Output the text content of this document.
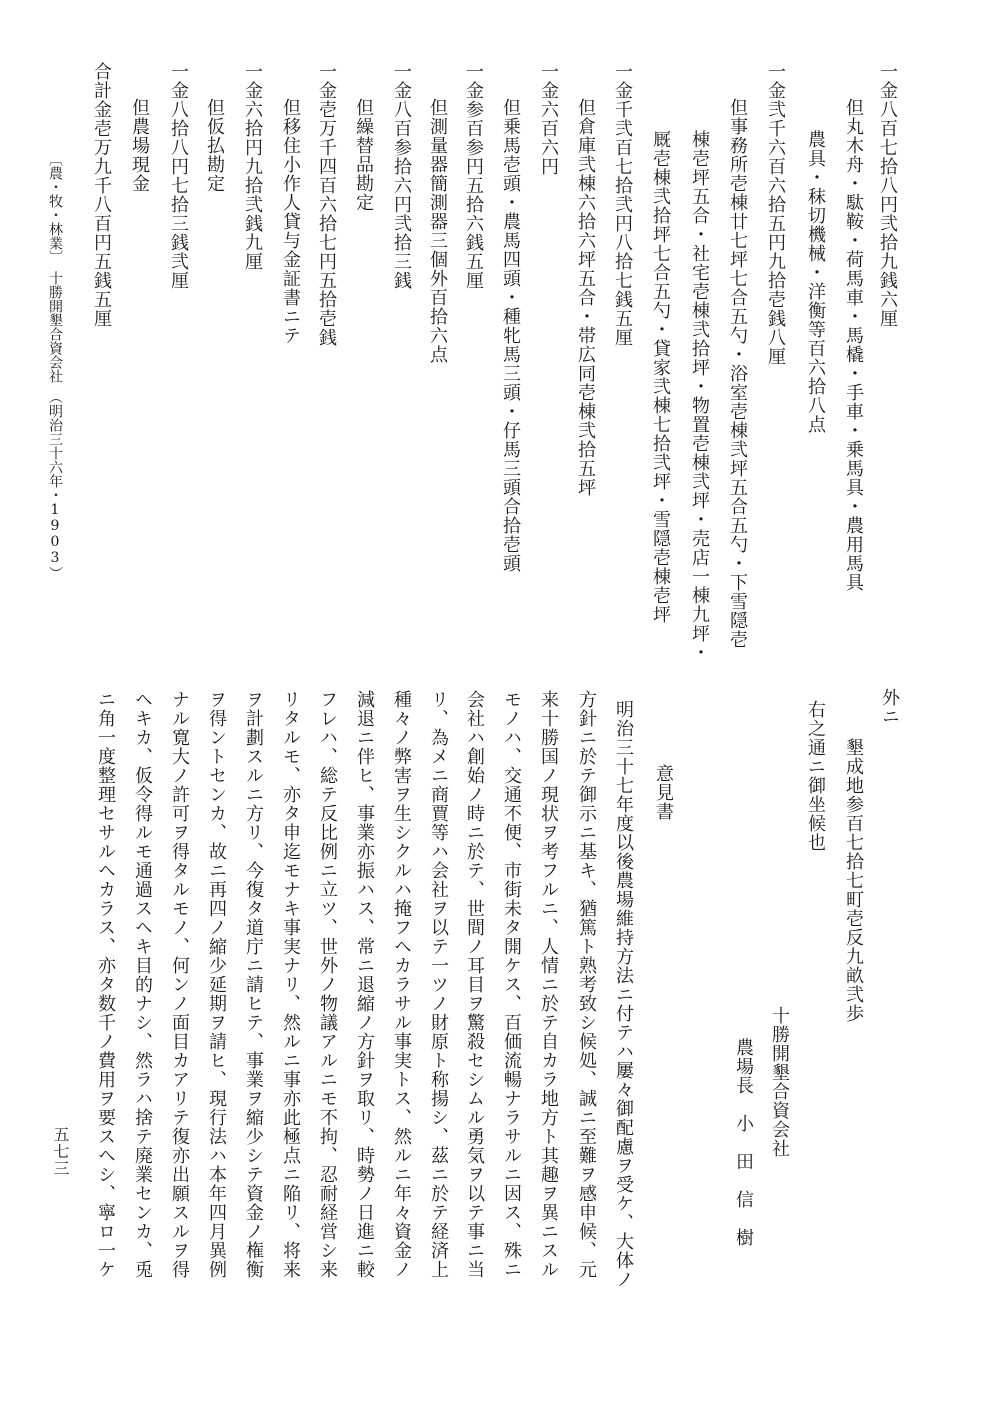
一金八百七拾八円弐拾九銭六厘
但丸木舟・駄鞍・荷馬車・馬橇・手車・乗馬具・農用馬具
農具・秣切機械・洋衡等百六拾八点
一金弐千六百六拾五円九拾壱銭八厘
但事務所壱棟廿七坪七合五勺・浴室壱棟弐坪五合五勺・下雪隠壱
棟壱坪五合・社宅壱棟弐拾坪・物置壱棟弐坪・売店一棟九坪・
厩壱棟弐拾坪七合五勺・貸家弐棟七拾弐坪・雪隠壱棟壱坪
一金千弐百七拾弐円八拾七銭五厘
但倉庫弐棟六拾六坪五合・帯広同壱棟弐拾五坪
一金六百六円
但乗馬壱頭・農馬四頭・種牝馬三頭・仔馬三頭合拾壱頭
一金参百参円五拾六銭五厘
但測量器簡測器三個外百拾六点
一金八百参拾六円弐拾三銭
但繰替品勘定
一金壱万千四百六拾七円五拾壱銭
但移住小作人貸与金証書ニテ
一金六拾円九拾弐銭九厘
但仮払勘定
一金八拾八円七拾三銭弐厘
但農場現金
合計金壱万九千八百円五銭五厘
〔農・牧・林業〕　十勝開墾合資会社　（明治三十六年・1903）
外ニ
墾成地参百七拾七町壱反九畝弐歩
右之通ニ御坐候也
十勝開墾合資会社
農場長　小　田　信　樹
意見書
明治三十七年度以後農場維持方法ニ付テハ屢々御配慮ヲ受ケ、大体ノ
方針ニ於テ御示ニ基キ、猶篤ト熟考致シ候処、誠ニ至難ヲ感申候、元
来十勝国ノ現状ヲ考フルニ、人情ニ於テ自カラ地方ト其趣ヲ異ニスル
モノハ、交通不便、市街未タ開ケス、百価流暢ナラサルニ因ス、殊ニ
会社ハ創始ノ時ニ於テ、世間ノ耳目ヲ驚殺セシムル勇気ヲ以テ事ニ当
リ、為メニ商賈等ハ会社ヲ以テ一ツノ財原ト称揚シ、茲ニ於テ経済上
種々ノ弊害ヲ生シクルハ掩フヘカラサル事実トス、然ルニ年々資金ノ
減退ニ伴ヒ、事業亦振ハス、常ニ退縮ノ方針ヲ取リ、時勢ノ日進ニ較
フレハ、総テ反比例ニ立ツ、世外ノ物議アルニモ不拘、忍耐経営シ来
リタルモ、亦タ申迄モナキ事実ナリ、然ルニ事亦此極点ニ陥リ、将来
ヲ計劃スルニ方リ、今復タ道庁ニ請ヒテ、事業ヲ縮少シテ資金ノ権衡
ヲ得ントセンカ、故ニ再四ノ縮少延期ヲ請ヒ、現行法ハ本年四月異例
ナル寛大ノ許可ヲ得タルモノ、何ンノ面目カアリテ復亦出願スルヲ得
ヘキカ、仮令得ルモ通過スヘキ目的ナシ、然ラハ捨テ廃業センカ、兎
ニ角一度整理セサルヘカラス、亦タ数千ノ費用ヲ要スヘシ、寧ロ一ケ
五七三
